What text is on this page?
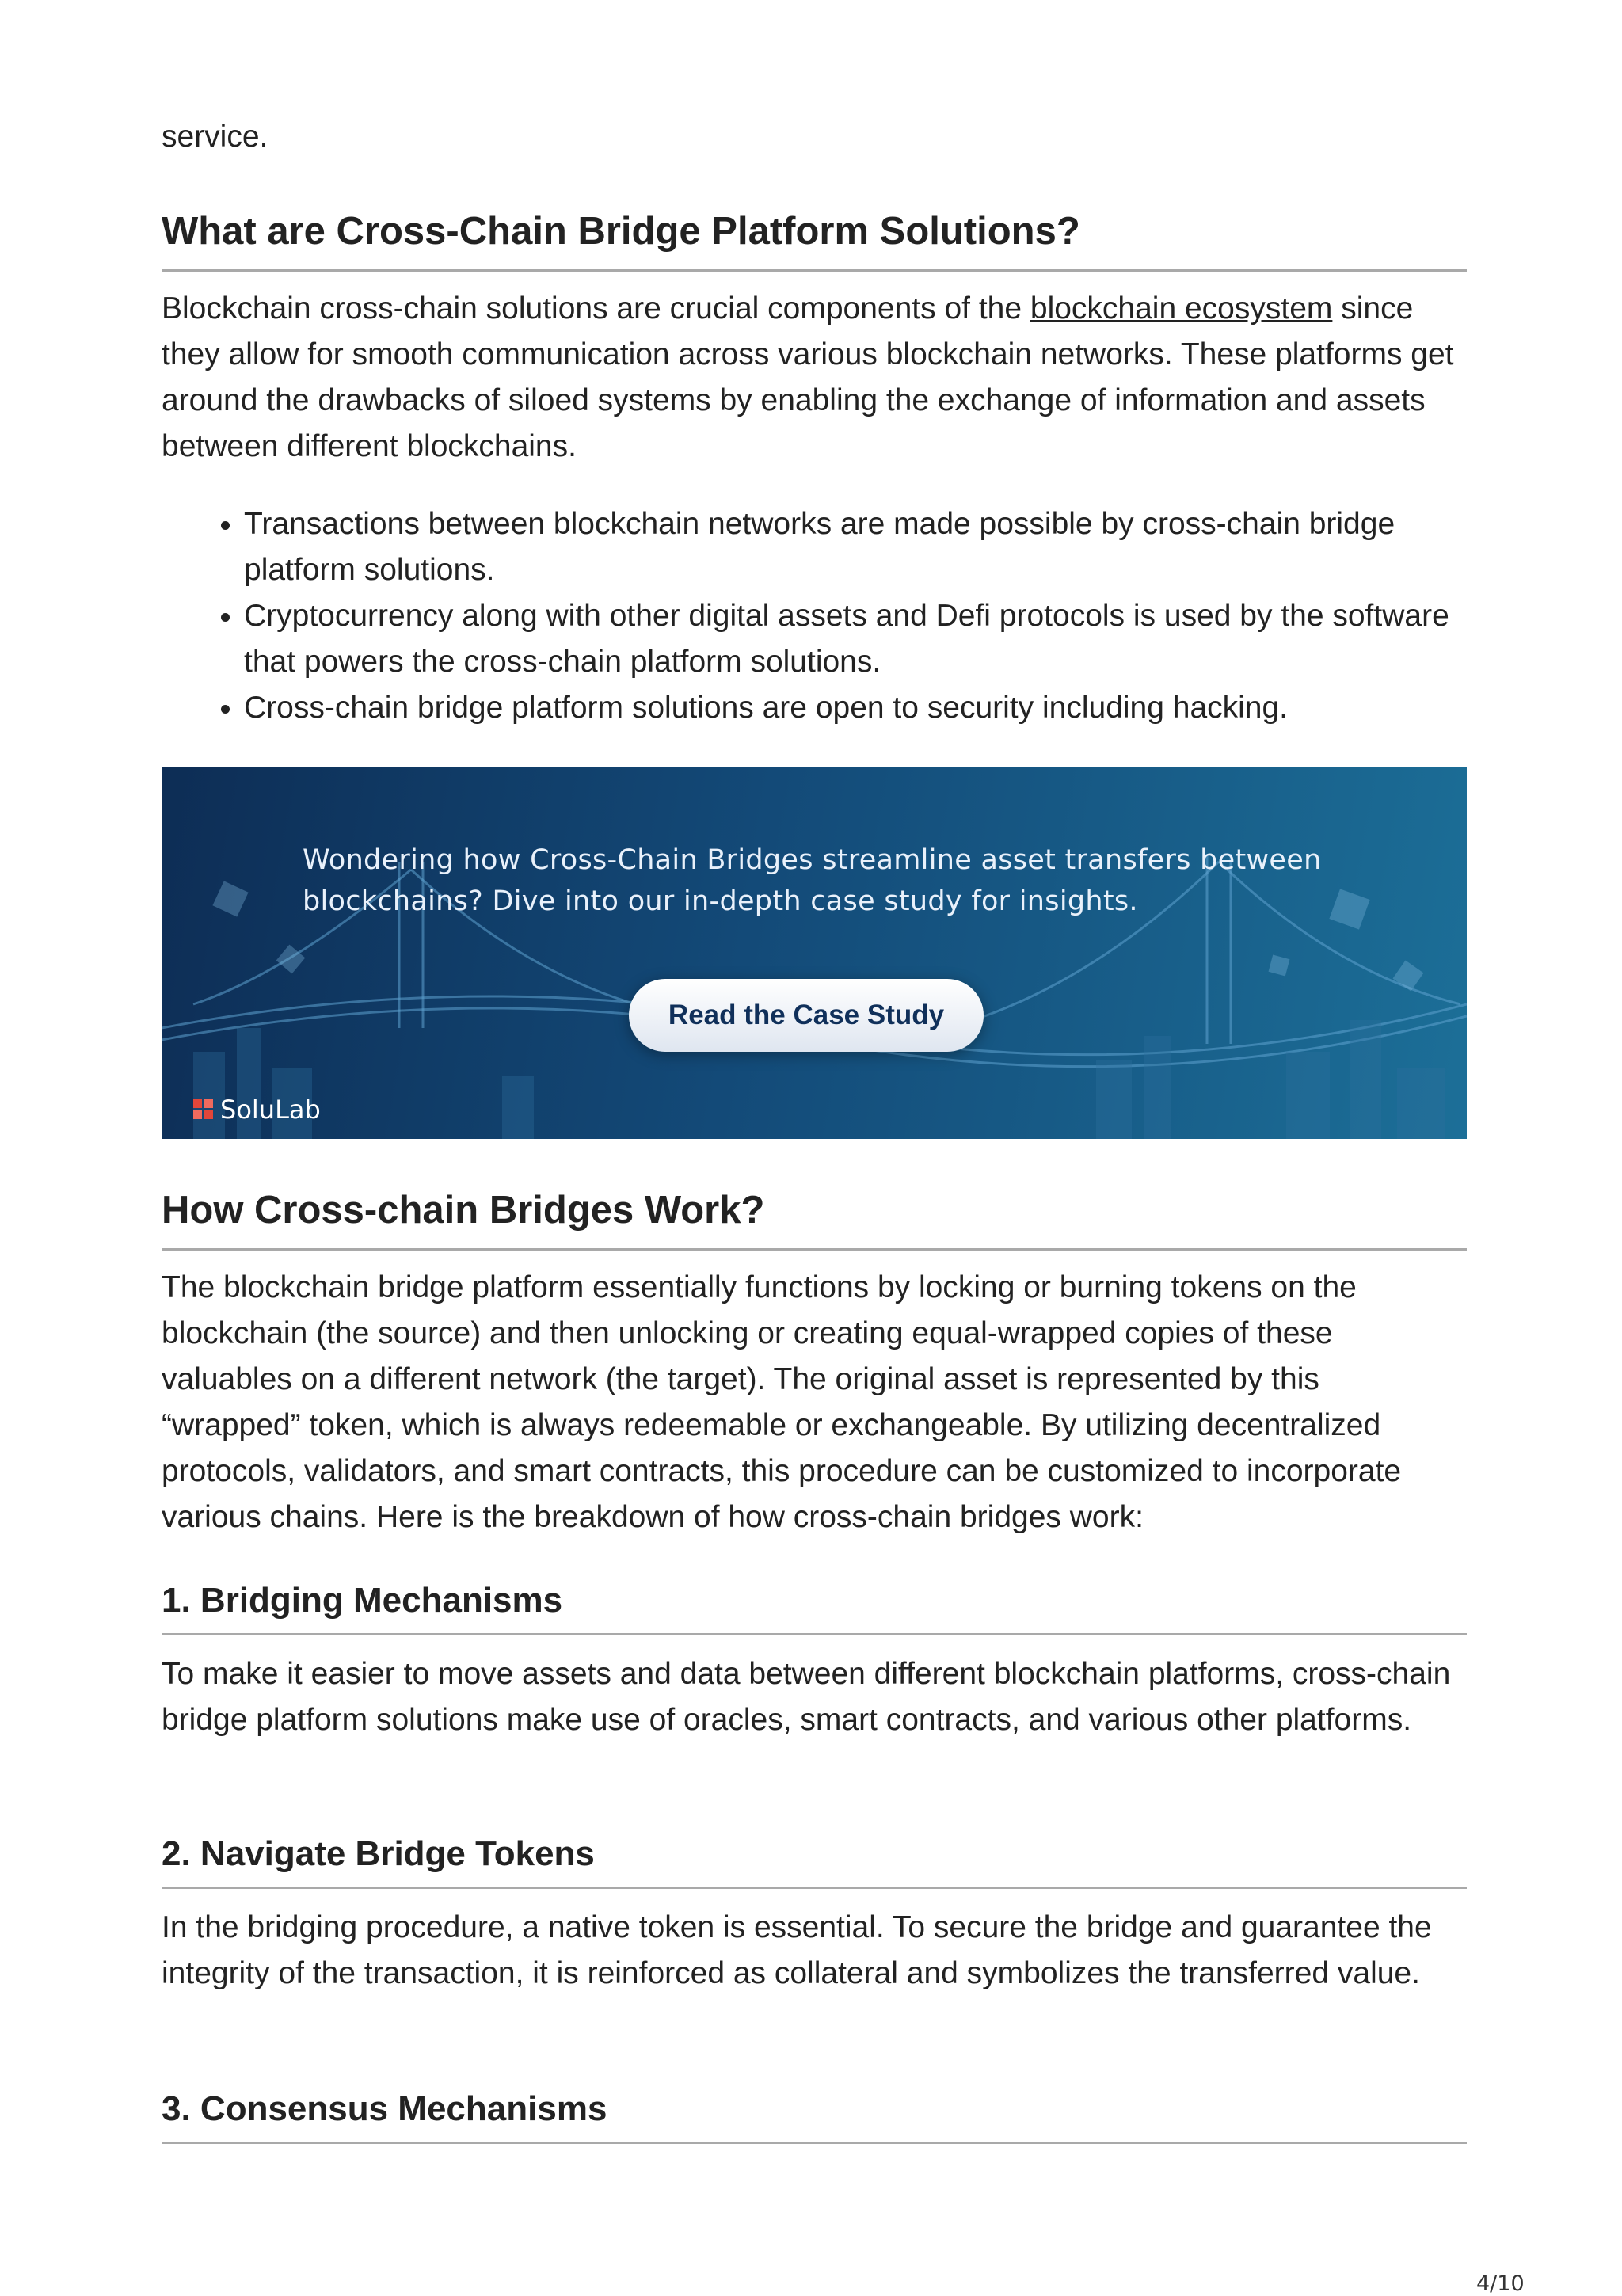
service.

What are Cross-Chain Bridge Platform Solutions?

Blockchain cross-chain solutions are crucial components of the blockchain ecosystem since they allow for smooth communication across various blockchain networks. These platforms get around the drawbacks of siloed systems by enabling the exchange of information and assets between different blockchains.

• Transactions between blockchain networks are made possible by cross-chain bridge platform solutions.
• Cryptocurrency along with other digital assets and Defi protocols is used by the software that powers the cross-chain platform solutions.
• Cross-chain bridge platform solutions are open to security including hacking.
Wondering how Cross-Chain Bridges streamline asset transfers between blockchains? Dive into our in-depth case study for insights.
Read the Case Study
SoluLab
How Cross-chain Bridges Work?

The blockchain bridge platform essentially functions by locking or burning tokens on the blockchain (the source) and then unlocking or creating equal-wrapped copies of these valuables on a different network (the target). The original asset is represented by this “wrapped” token, which is always redeemable or exchangeable. By utilizing decentralized protocols, validators, and smart contracts, this procedure can be customized to incorporate various chains. Here is the breakdown of how cross-chain bridges work:

1. Bridging Mechanisms

To make it easier to move assets and data between different blockchain platforms, cross-chain bridge platform solutions make use of oracles, smart contracts, and various other platforms.

2. Navigate Bridge Tokens

In the bridging procedure, a native token is essential. To secure the bridge and guarantee the integrity of the transaction, it is reinforced as collateral and symbolizes the transferred value.

3. Consensus Mechanisms
4/10
